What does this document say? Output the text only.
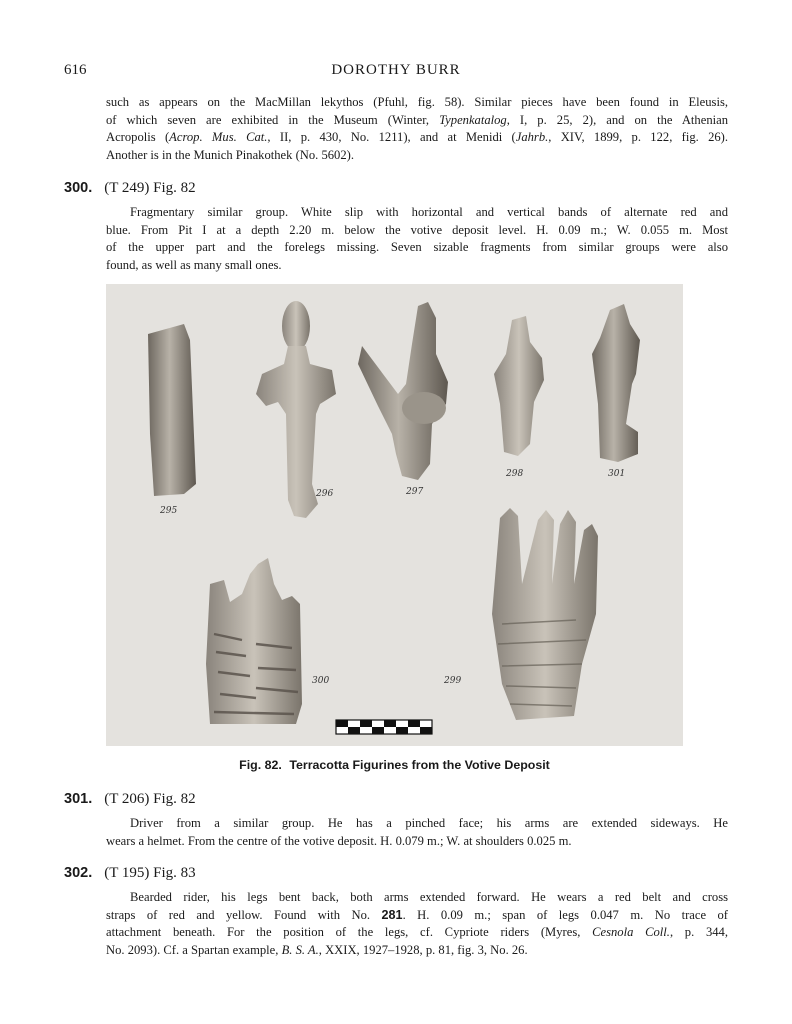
616	DOROTHY BURR
such as appears on the MacMillan lekythos (Pfuhl, fig. 58). Similar pieces have been found in Eleusis,
of which seven are exhibited in the Museum (Winter, Typenkatalog, I, p. 25, 2), and on the Athenian
Acropolis (Acrop. Mus. Cat., II, p. 430, No. 1211), and at Menidi (Jahrb., XIV, 1899, p. 122, fig. 26).
Another is in the Munich Pinakothek (No. 5602).
300. (T 249) Fig. 82
Fragmentary similar group. White slip with horizontal and vertical bands of alternate red and
blue. From Pit I at a depth 2.20 m. below the votive deposit level. H. 0.09 m.; W. 0.055 m. Most
of the upper part and the forelegs missing. Seven sizable fragments from similar groups were also
found, as well as many small ones.
295
296	297
298	301
300	299
Fig. 82. Terracotta Figurines from the Votive Deposit
301. (T 206) Fig. 82
Driver from a similar group. He has a pinched face; his arms are extended sideways. He
wears a helmet. From the centre of the votive deposit. H. 0.079 m.; W. at shoulders 0.025 m.
302. (T 195) Fig. 83
Bearded rider, his legs bent back, both arms extended forward. He wears a red belt and cross
straps of red and yellow. Found with No. 281. H. 0.09 m.; span of legs 0.047 m. No trace of
attachment beneath. For the position of the legs, cf. Cypriote riders (Myres, Cesnola Coll., p. 344,
No. 2093). Cf. a Spartan example, B. S. A., XXIX, 1927–1928, p. 81, fig. 3, No. 26.
